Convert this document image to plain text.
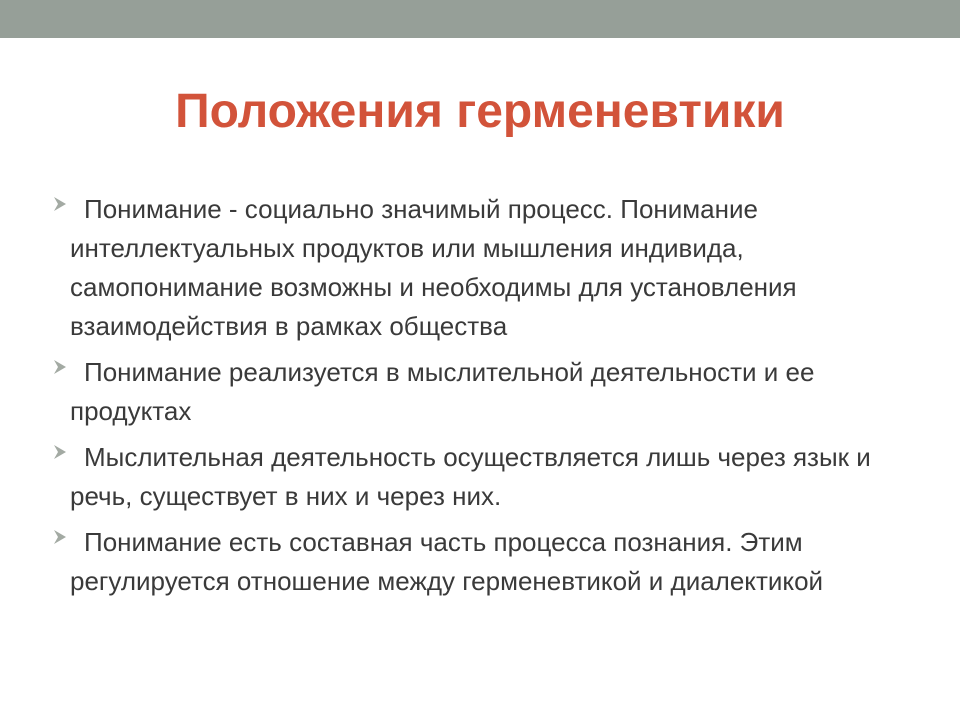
Положения герменевтики
Понимание - социально значимый процесс. Понимание интеллектуальных продуктов или мышления индивида, самопонимание возможны и необходимы для установления взаимодействия в рамках общества
Понимание реализуется в мыслительной деятельности и ее продуктах
Мыслительная деятельность осуществляется лишь через язык и речь, существует в них и через них.
Понимание есть составная часть процесса познания. Этим регулируется отношение между герменевтикой и диалектикой
